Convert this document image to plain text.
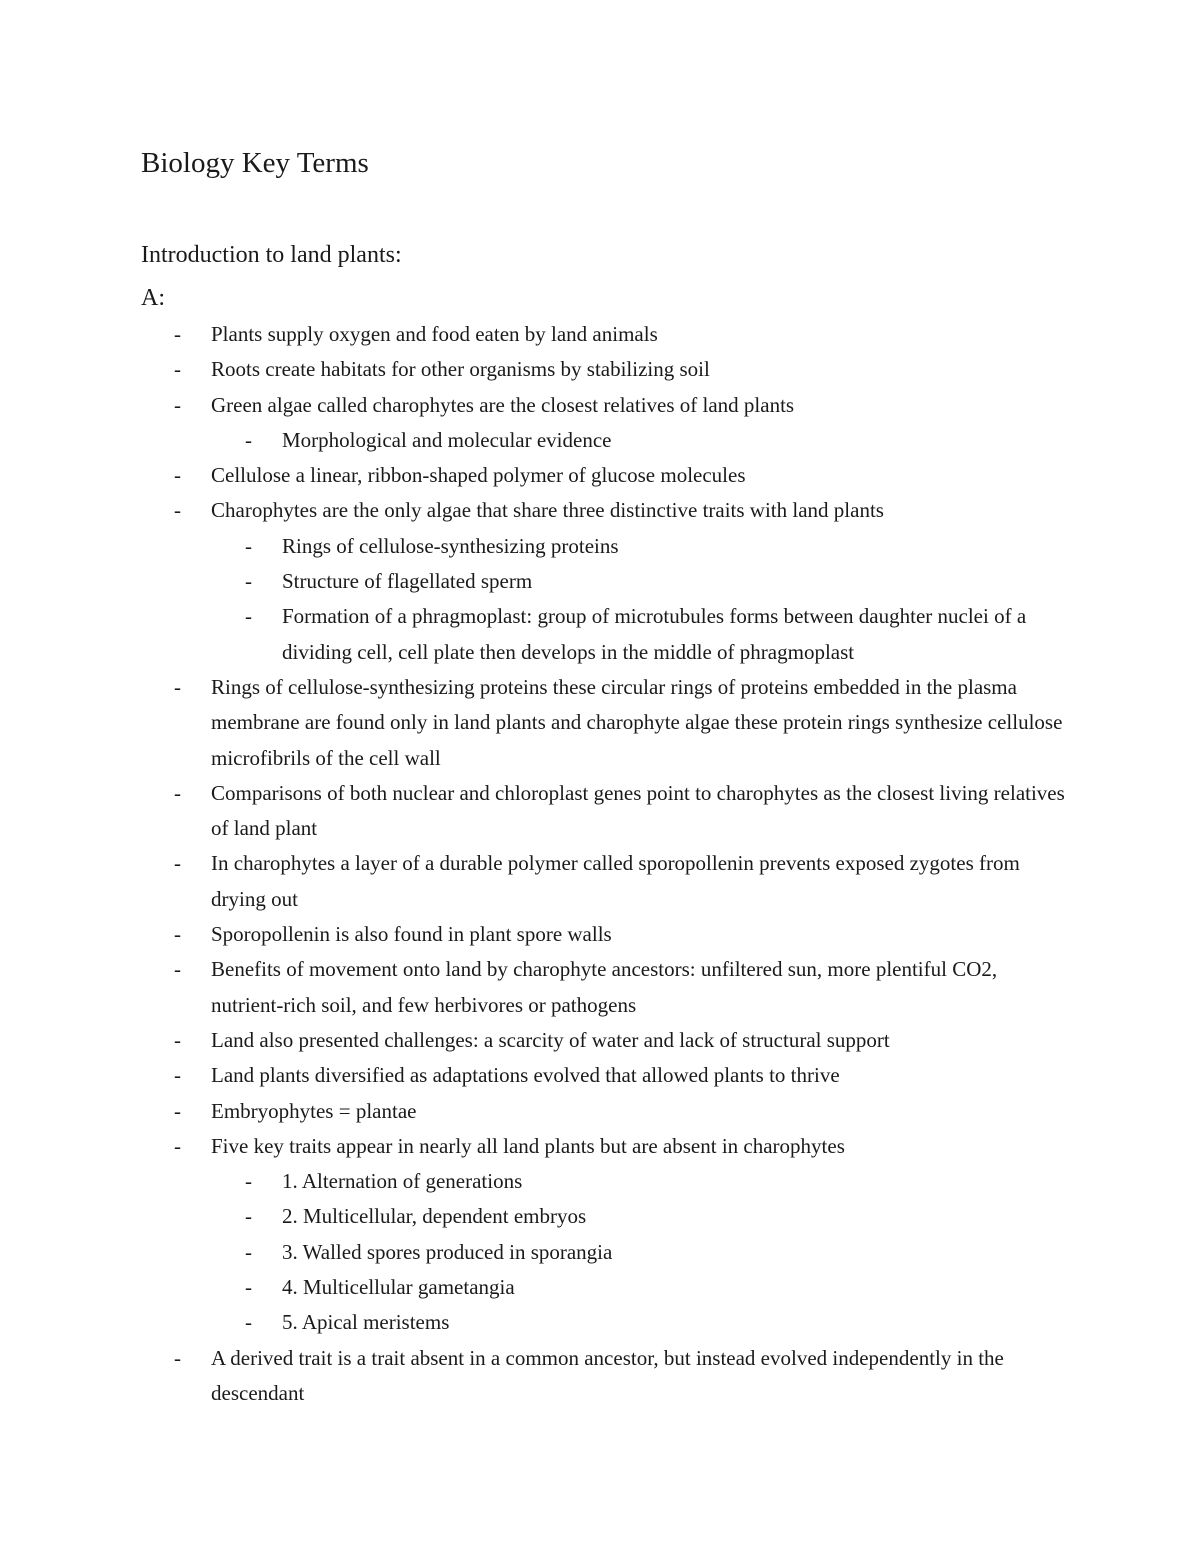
Biology Key Terms
Introduction to land plants:
A:
- Plants supply oxygen and food eaten by land animals
- Roots create habitats for other organisms by stabilizing soil
- Green algae called charophytes are the closest relatives of land plants
- Morphological and molecular evidence
- Cellulose a linear, ribbon-shaped polymer of glucose molecules
- Charophytes are the only algae that share three distinctive traits with land plants
- Rings of cellulose-synthesizing proteins
- Structure of flagellated sperm
- Formation of a phragmoplast: group of microtubules forms between daughter nuclei of a dividing cell, cell plate then develops in the middle of phragmoplast
- Rings of cellulose-synthesizing proteins these circular rings of proteins embedded in the plasma membrane are found only in land plants and charophyte algae these protein rings synthesize cellulose microfibrils of the cell wall
- Comparisons of both nuclear and chloroplast genes point to charophytes as the closest living relatives of land plant
- In charophytes a layer of a durable polymer called sporopollenin prevents exposed zygotes from drying out
- Sporopollenin is also found in plant spore walls
- Benefits of movement onto land by charophyte ancestors: unfiltered sun, more plentiful CO2, nutrient-rich soil, and few herbivores or pathogens
- Land also presented challenges: a scarcity of water and lack of structural support
- Land plants diversified as adaptations evolved that allowed plants to thrive
- Embryophytes = plantae
- Five key traits appear in nearly all land plants but are absent in charophytes
- 1. Alternation of generations
- 2. Multicellular, dependent embryos
- 3. Walled spores produced in sporangia
- 4. Multicellular gametangia
- 5. Apical meristems
- A derived trait is a trait absent in a common ancestor, but instead evolved independently in the descendant
